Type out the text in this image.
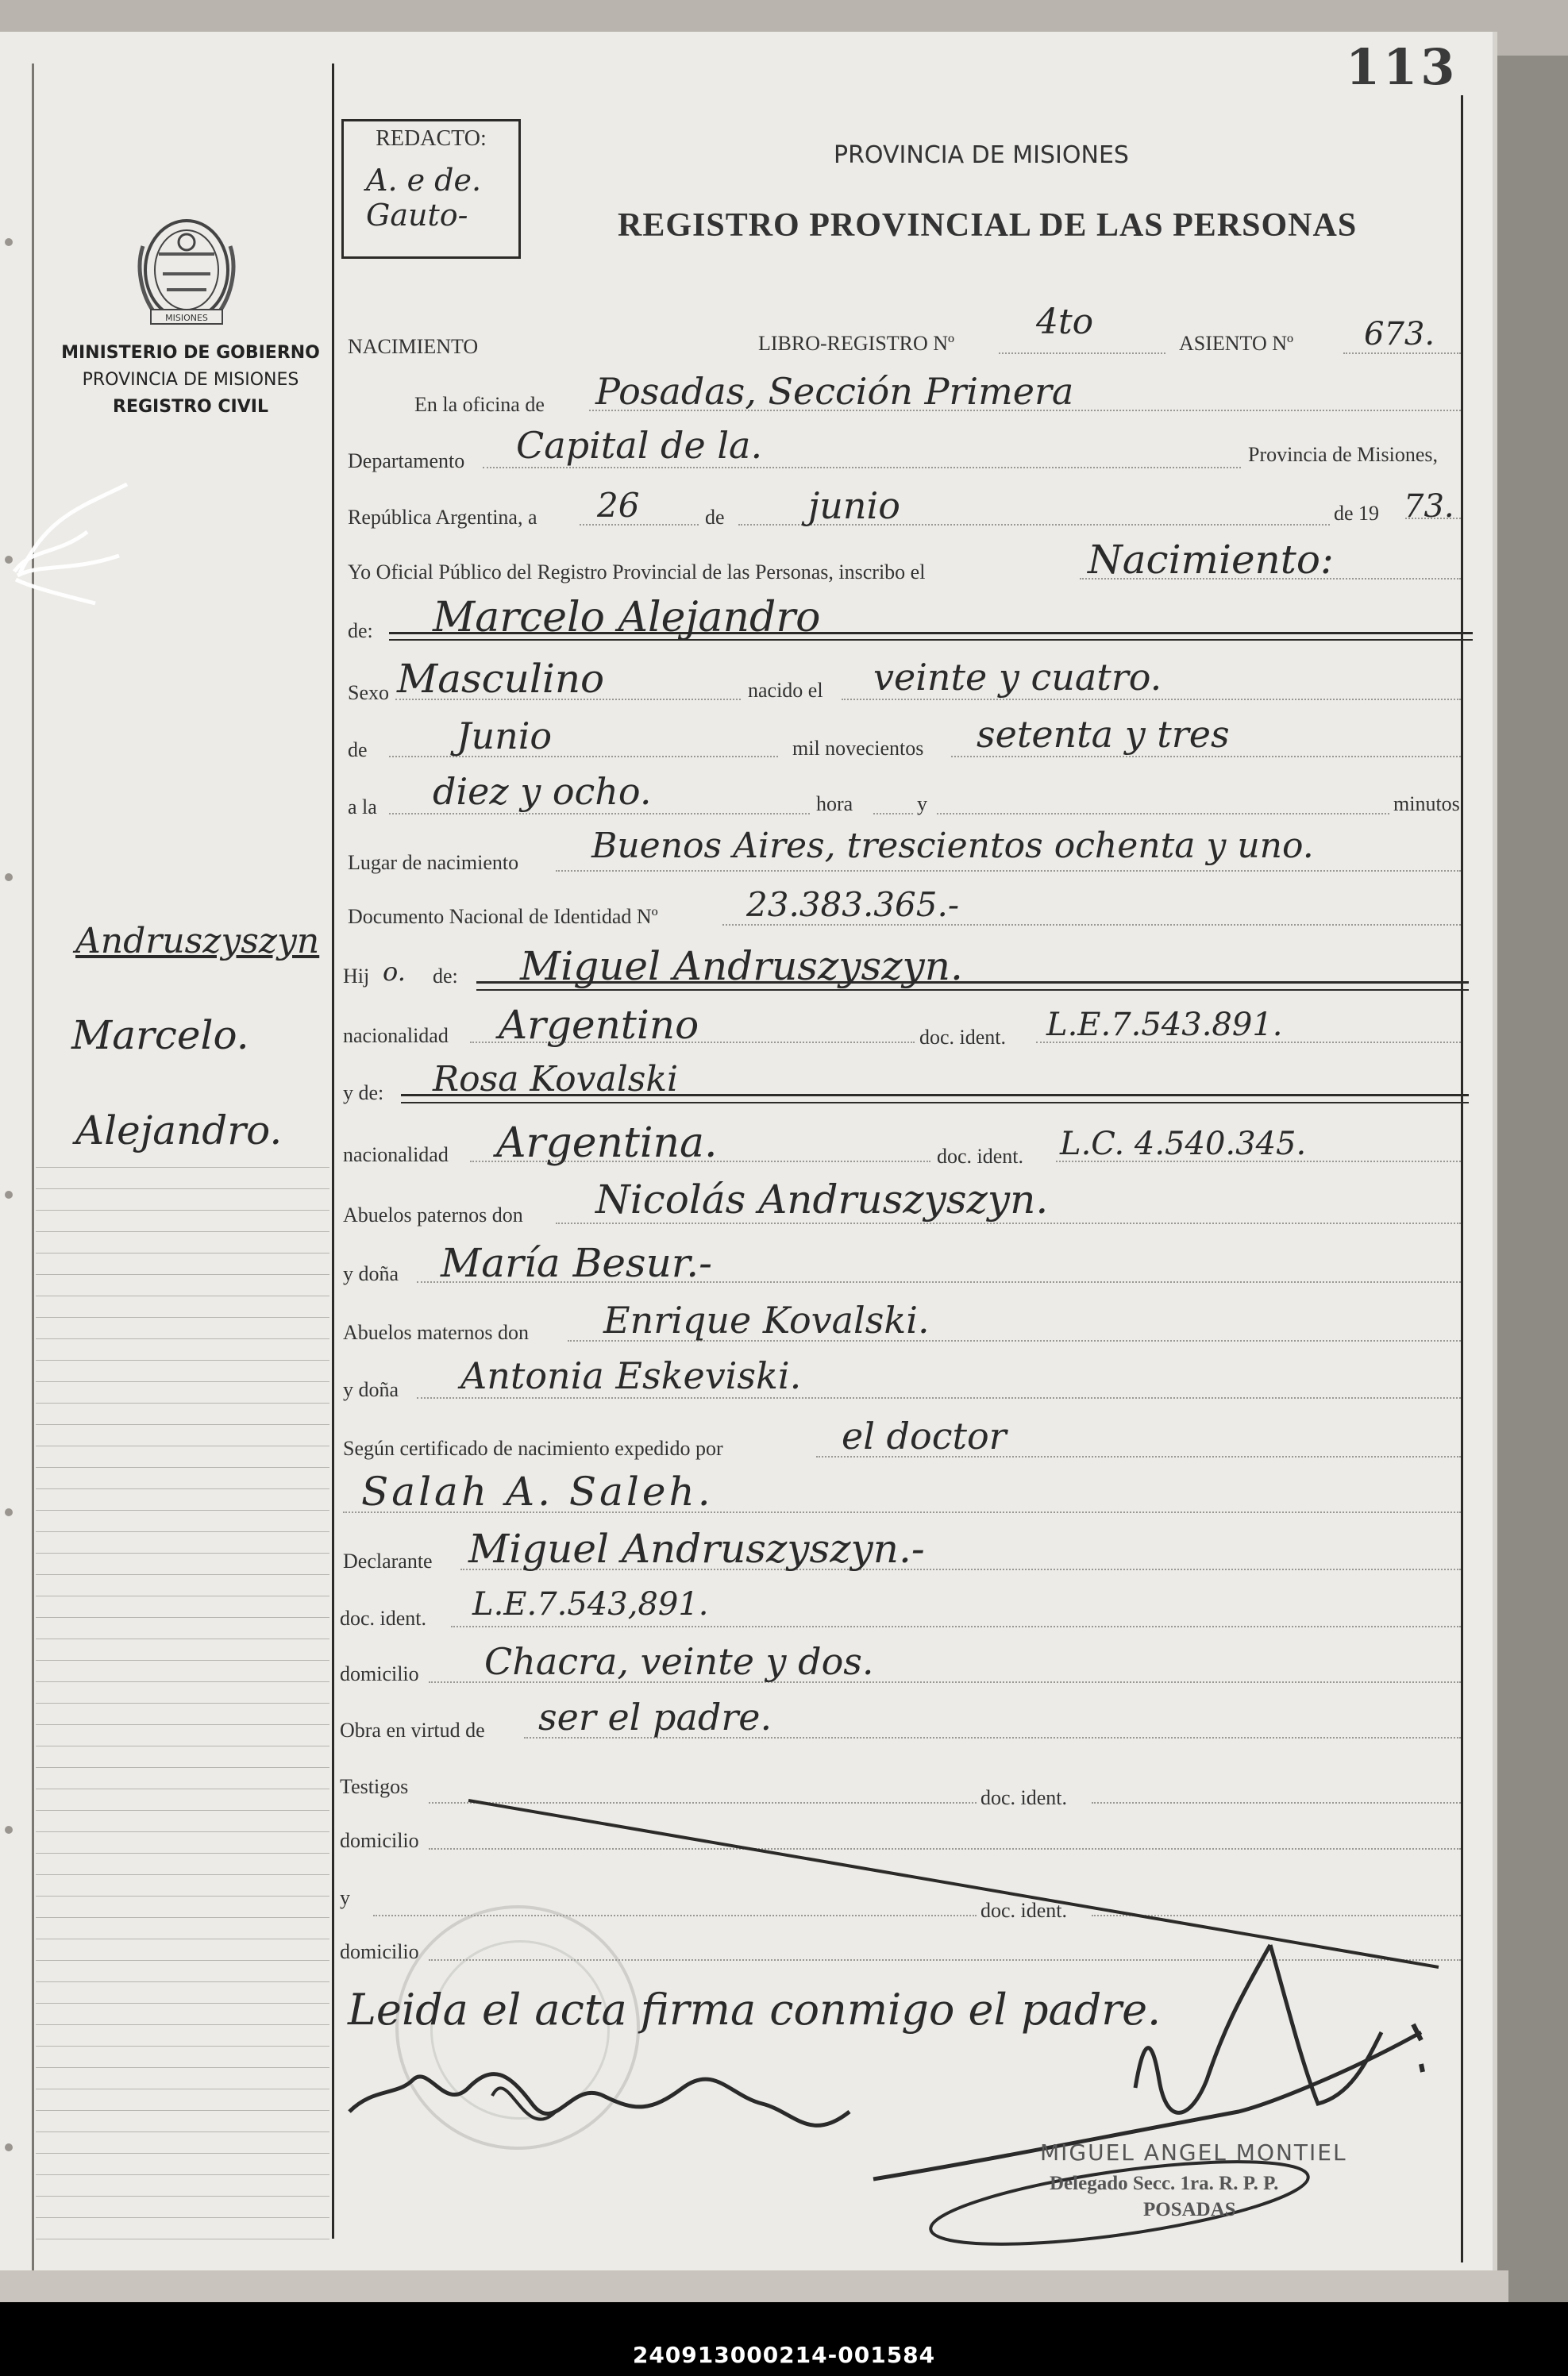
113
REDACTO:
A. e de.
Gauto-
MISIONES
MINISTERIO DE GOBIERNO
PROVINCIA DE MISIONES
REGISTRO CIVIL
PROVINCIA DE MISIONES
REGISTRO PROVINCIAL DE LAS PERSONAS
Andruszyszyn
Marcelo.
Alejandro.
NACIMIENTO	LIBRO-REGISTRO Nº
4to
ASIENTO Nº 673.
En la oficina de Posadas, Sección Primera
Departamento Capital de la.	Provincia de Misiones,
República Argentina, a 26	de junio	de 19 73.
Yo Oficial Público del Registro Provincial de las Personas, inscribo el	Nacimiento:
de: Marcelo Alejandro
Sexo Masculino	nacido el veinte y cuatro.
de Junio	mil novecientos setenta y tres
a la diez y ocho.	hora	y	minutos
Lugar de nacimiento Buenos Aires, trescientos ochenta y uno.
Documento Nacional de Identidad Nº	23.383.365.-
Hij o. de: Miguel Andruszyszyn.
nacionalidad Argentino	doc. ident. L.E.7.543.891.
y de: Rosa Kovalski
nacionalidad Argentina.	doc. ident. L.C. 4.540.345.
Abuelos paternos don Nicolás Andruszyszyn.
y doña María Besur.-
Abuelos maternos don Enrique Kovalski.
y doña Antonia Eskeviski.
Según certificado de nacimiento expedido por	el doctor
Salah A. Saleh.
Declarante Miguel Andruszyszyn.-
doc. ident. L.E.7.543,891.
domicilio Chacra, veinte y dos.
Obra en virtud de ser el padre.
Testigos	doc. ident.
domicilio
y
doc. ident.
domicilio
Leida el acta firma conmigo el padre.
MIGUEL ANGEL MONTIEL
Delegado Secc. 1ra. R. P. P.
POSADAS
240913000214-001584
